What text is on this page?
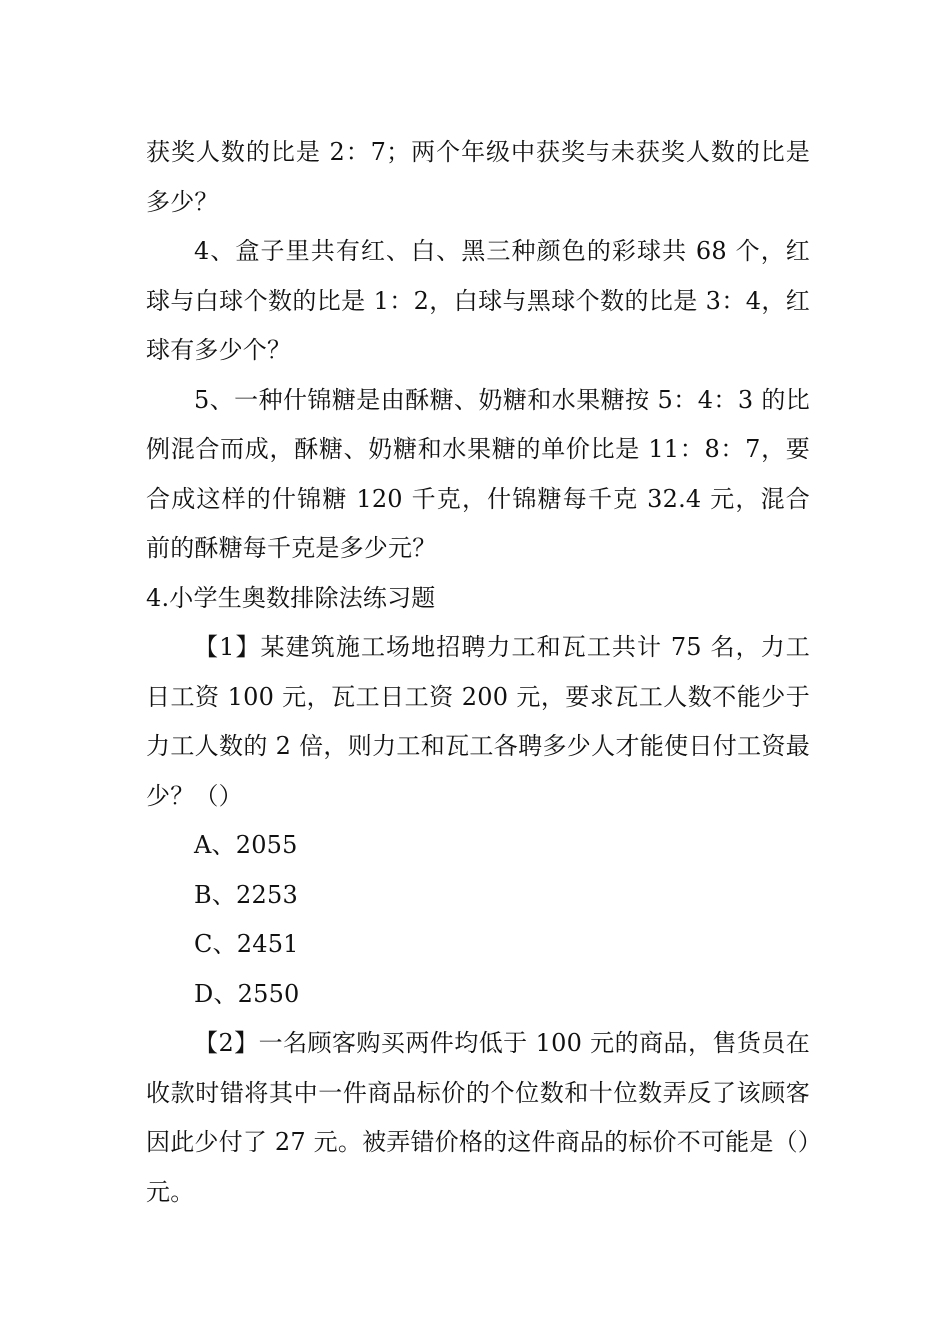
获奖人数的比是 2：7；两个年级中获奖与未获奖人数的比是多少？

4、盒子里共有红、白、黑三种颜色的彩球共 68 个，红球与白球个数的比是 1：2，白球与黑球个数的比是 3：4，红球有多少个？

5、一种什锦糖是由酥糖、奶糖和水果糖按 5：4：3 的比例混合而成，酥糖、奶糖和水果糖的单价比是 11：8：7，要合成这样的什锦糖 120 千克，什锦糖每千克 32.4 元，混合前的酥糖每千克是多少元？

4.小学生奥数排除法练习题

【1】某建筑施工场地招聘力工和瓦工共计 75 名，力工日工资 100 元，瓦工日工资 200 元，要求瓦工人数不能少于力工人数的 2 倍，则力工和瓦工各聘多少人才能使日付工资最少？（）

A、2055

B、2253

C、2451

D、2550

【2】一名顾客购买两件均低于 100 元的商品，售货员在收款时错将其中一件商品标价的个位数和十位数弄反了该顾客因此少付了 27 元。被弄错价格的这件商品的标价不可能是（）元。
